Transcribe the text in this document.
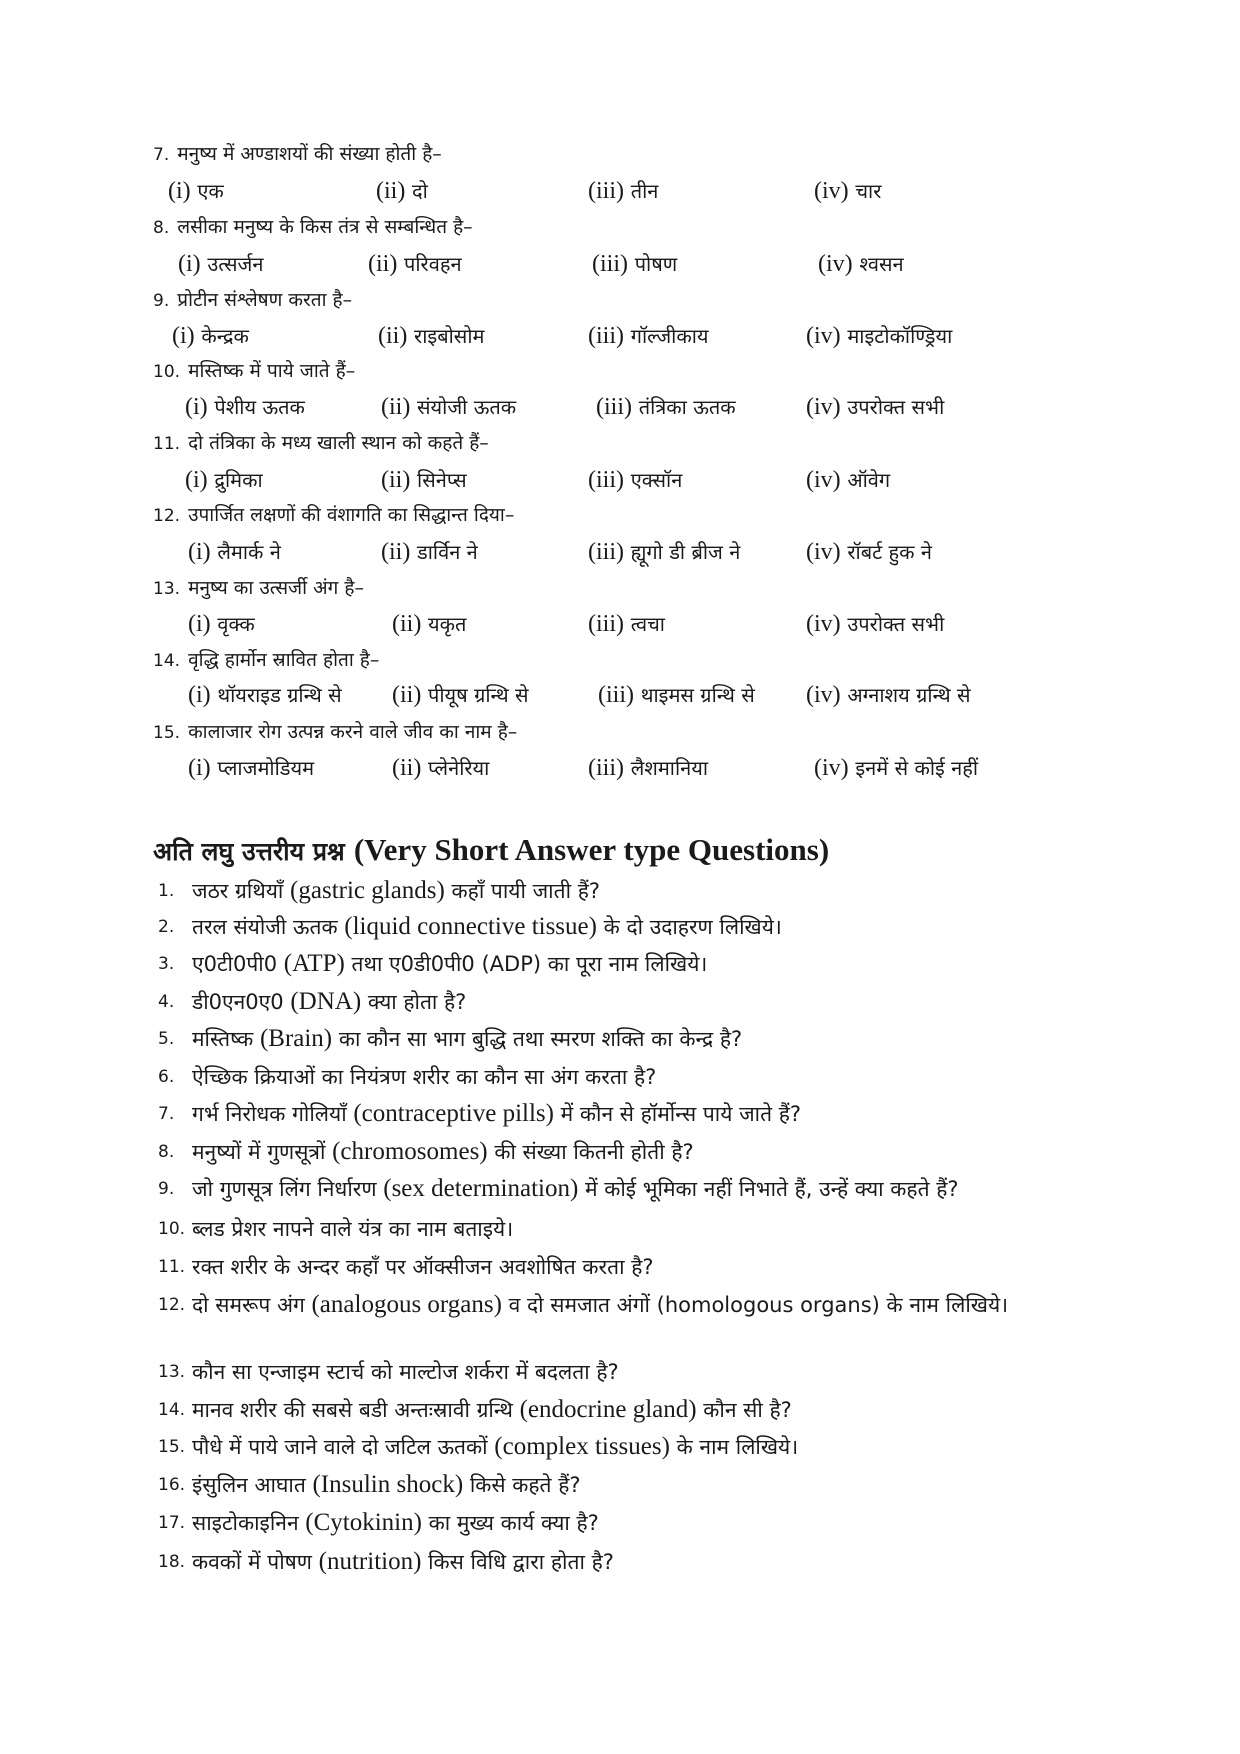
7. मनुष्य में अण्डाशयों की संख्या होती है–
(i) एक	(ii) दो	(iii) तीन	(iv) चार
8. लसीका मनुष्य के किस तंत्र से सम्बन्धित है–
(i) उत्सर्जन	(ii) परिवहन	(iii) पोषण	(iv) श्वसन
9. प्रोटीन संश्लेषण करता है–
(i) केन्द्रक	(ii) राइबोसोम	(iii) गॉल्जीकाय	(iv) माइटोकॉण्ड्रिया
10. मस्तिष्क में पाये जाते हैं–
(i) पेशीय ऊतक	(ii) संयोजी ऊतक	(iii) तंत्रिका ऊतक	(iv) उपरोक्त सभी
11. दो तंत्रिका के मध्य खाली स्थान को कहते हैं–
(i) द्रुमिका	(ii) सिनेप्स	(iii) एक्सॉन	(iv) ऑवेग
12. उपार्जित लक्षणों की वंशागति का सिद्धान्त दिया–
(i) लैमार्क ने	(ii) डार्विन ने	(iii) ह्यूगो डी ब्रीज ने	(iv) रॉबर्ट हुक ने
13. मनुष्य का उत्सर्जी अंग है–
(i) वृक्क	(ii) यकृत	(iii) त्वचा	(iv) उपरोक्त सभी
14. वृद्धि हार्मोन स्रावित होता है–
(i) थॉयराइड ग्रन्थि से (ii) पीयूष ग्रन्थि से	(iii) थाइमस ग्रन्थि से (iv) अग्नाशय ग्रन्थि से
15. कालाजार रोग उत्पन्न करने वाले जीव का नाम है–
(i) प्लाजमोडियम	(ii) प्लेनेरिया	(iii) लैशमानिया	(iv) इनमें से कोई नहीं
अति लघु उत्तरीय प्रश्न (Very Short Answer type Questions)
1. जठर ग्रथियाँ (gastric glands) कहाँ पायी जाती हैं?
2. तरल संयोजी ऊतक (liquid connective tissue) के दो उदाहरण लिखिये।
3. ए0टी0पी0 (ATP) तथा ए0डी0पी0 (ADP) का पूरा नाम लिखिये।
4. डी0एन0ए0 (DNA) क्या होता है?
5. मस्तिष्क (Brain) का कौन सा भाग बुद्धि तथा स्मरण शक्ति का केन्द्र है?
6. ऐच्छिक क्रियाओं का नियंत्रण शरीर का कौन सा अंग करता है?
7. गर्भ निरोधक गोलियाँ (contraceptive pills) में कौन से हॉर्मोन्स पाये जाते हैं?
8. मनुष्यों में गुणसूत्रों (chromosomes) की संख्या कितनी होती है?
9. जो गुणसूत्र लिंग निर्धारण (sex determination) में कोई भूमिका नहीं निभाते हैं, उन्हें क्या कहते हैं?
10. ब्लड प्रेशर नापने वाले यंत्र का नाम बताइये।
11. रक्त शरीर के अन्दर कहाँ पर ऑक्सीजन अवशोषित करता है?
12. दो समरूप अंग (analogous organs) व दो समजात अंगों (homologous organs) के नाम लिखिये।
13. कौन सा एन्जाइम स्टार्च को माल्टोज शर्करा में बदलता है?
14. मानव शरीर की सबसे बडी अन्तःस्रावी ग्रन्थि (endocrine gland) कौन सी है?
15. पौधे में पाये जाने वाले दो जटिल ऊतकों (complex tissues) के नाम लिखिये।
16. इंसुलिन आघात (Insulin shock) किसे कहते हैं?
17. साइटोकाइनिन (Cytokinin) का मुख्य कार्य क्या है?
18. कवकों में पोषण (nutrition) किस विधि द्वारा होता है?
